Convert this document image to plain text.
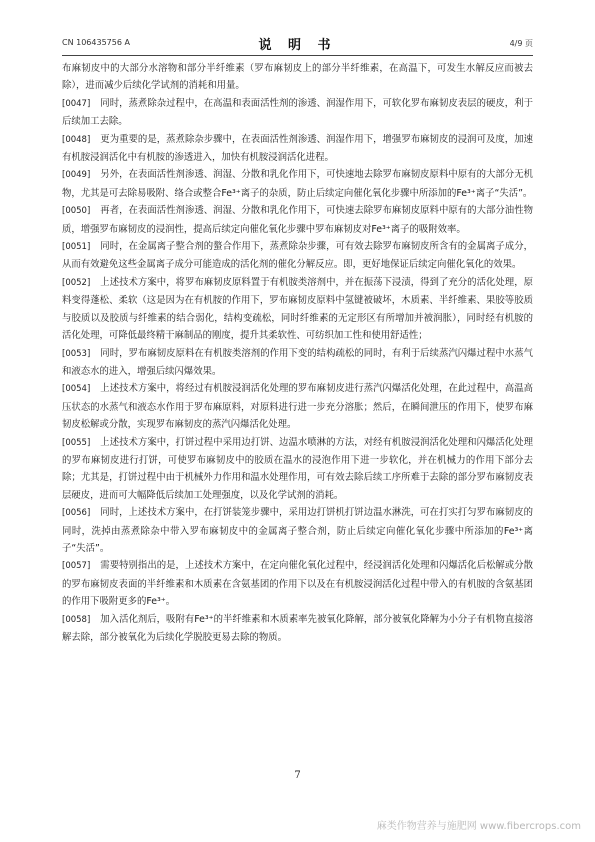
CN 106435756 A	说 明 书	4/9 页

布麻韧皮中的大部分水溶物和部分半纤维素（罗布麻韧皮上的部分半纤维素，在高温下，可发生水解反应而被去除），进而减少后续化学试剂的消耗和用量。

[0047] 同时，蒸煮除杂过程中，在高温和表面活性剂的渗透、润湿作用下，可软化罗布麻韧皮表层的硬皮，利于后续加工去除。

[0048] 更为重要的是，蒸煮除杂步骤中，在表面活性剂渗透、润湿作用下，增强罗布麻韧皮的浸润可及度，加速有机胺浸润活化中有机胺的渗透进入，加快有机胺浸润活化进程。

[0049] 另外，在表面活性剂渗透、润湿、分散和乳化作用下，可快速地去除罗布麻韧皮原料中原有的大部分无机物，尤其是可去除易吸附、络合或整合Fe³⁺离子的杂质，防止后续定向催化氧化步骤中所添加的Fe³⁺离子“失活”。

[0050] 再者，在表面活性剂渗透、润湿、分散和乳化作用下，可快速去除罗布麻韧皮原料中原有的大部分油性物质，增强罗布麻韧皮的浸润性，提高后续定向催化氧化步骤中罗布麻韧皮对Fe³⁺离子的吸附效率。

[0051] 同时，在金属离子整合剂的螯合作用下，蒸煮除杂步骤，可有效去除罗布麻韧皮所含有的金属离子成分，从而有效避免这些金属离子成分可能造成的活化剂的催化分解反应。即，更好地保证后续定向催化氧化的效果。

[0052] 上述技术方案中，将罗布麻韧皮原料置于有机胺类溶剂中，并在振荡下浸渍，得到了充分的活化处理，原料变得蓬松、柔软（这是因为在有机胺的作用下，罗布麻韧皮原料中氢键被破坏，木质素、半纤维素、果胶等胶质与胶质以及胶质与纤维素的结合弱化，结构变疏松，同时纤维素的无定形区有所增加并被润胀），同时经有机胺的活化处理，可降低最终精干麻制品的刚度，提升其柔软性、可纺织加工性和使用舒适性；

[0053] 同时，罗布麻韧皮原料在有机胺类溶剂的作用下变的结构疏松的同时，有利于后续蒸汽闪爆过程中水蒸气和液态水的进入，增强后续闪爆效果。

[0054] 上述技术方案中，将经过有机胺浸润活化处理的罗布麻韧皮进行蒸汽闪爆活化处理，在此过程中，高温高压状态的水蒸气和液态水作用于罗布麻原料，对原料进行进一步充分溶胀；然后，在瞬间泄压的作用下，使罗布麻韧皮松解或分散，实现罗布麻韧皮的蒸汽闪爆活化处理。

[0055] 上述技术方案中，打饼过程中采用边打饼、边温水喷淋的方法，对经有机胺浸润活化处理和闪爆活化处理的罗布麻韧皮进行打饼，可使罗布麻韧皮中的胶质在温水的浸泡作用下进一步软化，并在机械力的作用下部分去除；尤其是，打饼过程中由于机械外力作用和温水处理作用，可有效去除后续工序所难于去除的部分罗布麻韧皮表层硬皮，进而可大幅降低后续加工处理强度，以及化学试剂的消耗。

[0056] 同时，上述技术方案中，在打饼装笼步骤中，采用边打饼机打饼边温水淋洗，可在打实打匀罗布麻韧皮的同时，洗掉由蒸煮除杂中带入罗布麻韧皮中的金属离子整合剂，防止后续定向催化氧化步骤中所添加的Fe³⁺离子“失活”。

[0057] 需要特别指出的是，上述技术方案中，在定向催化氧化过程中，经浸润活化处理和闪爆活化后松解或分散的罗布麻韧皮表面的半纤维素和木质素在含氨基团的作用下以及在有机胺浸润活化过程中带入的有机胺的含氨基团的作用下吸附更多的Fe³⁺。

[0058] 加入活化剂后，吸附有Fe³⁺的半纤维素和木质素率先被氧化降解，部分被氧化降解为小分子有机物直接溶解去除，部分被氧化为后续化学脱胶更易去除的物质。

7
麻类作物营养与施肥网 www.fibercrops.com
